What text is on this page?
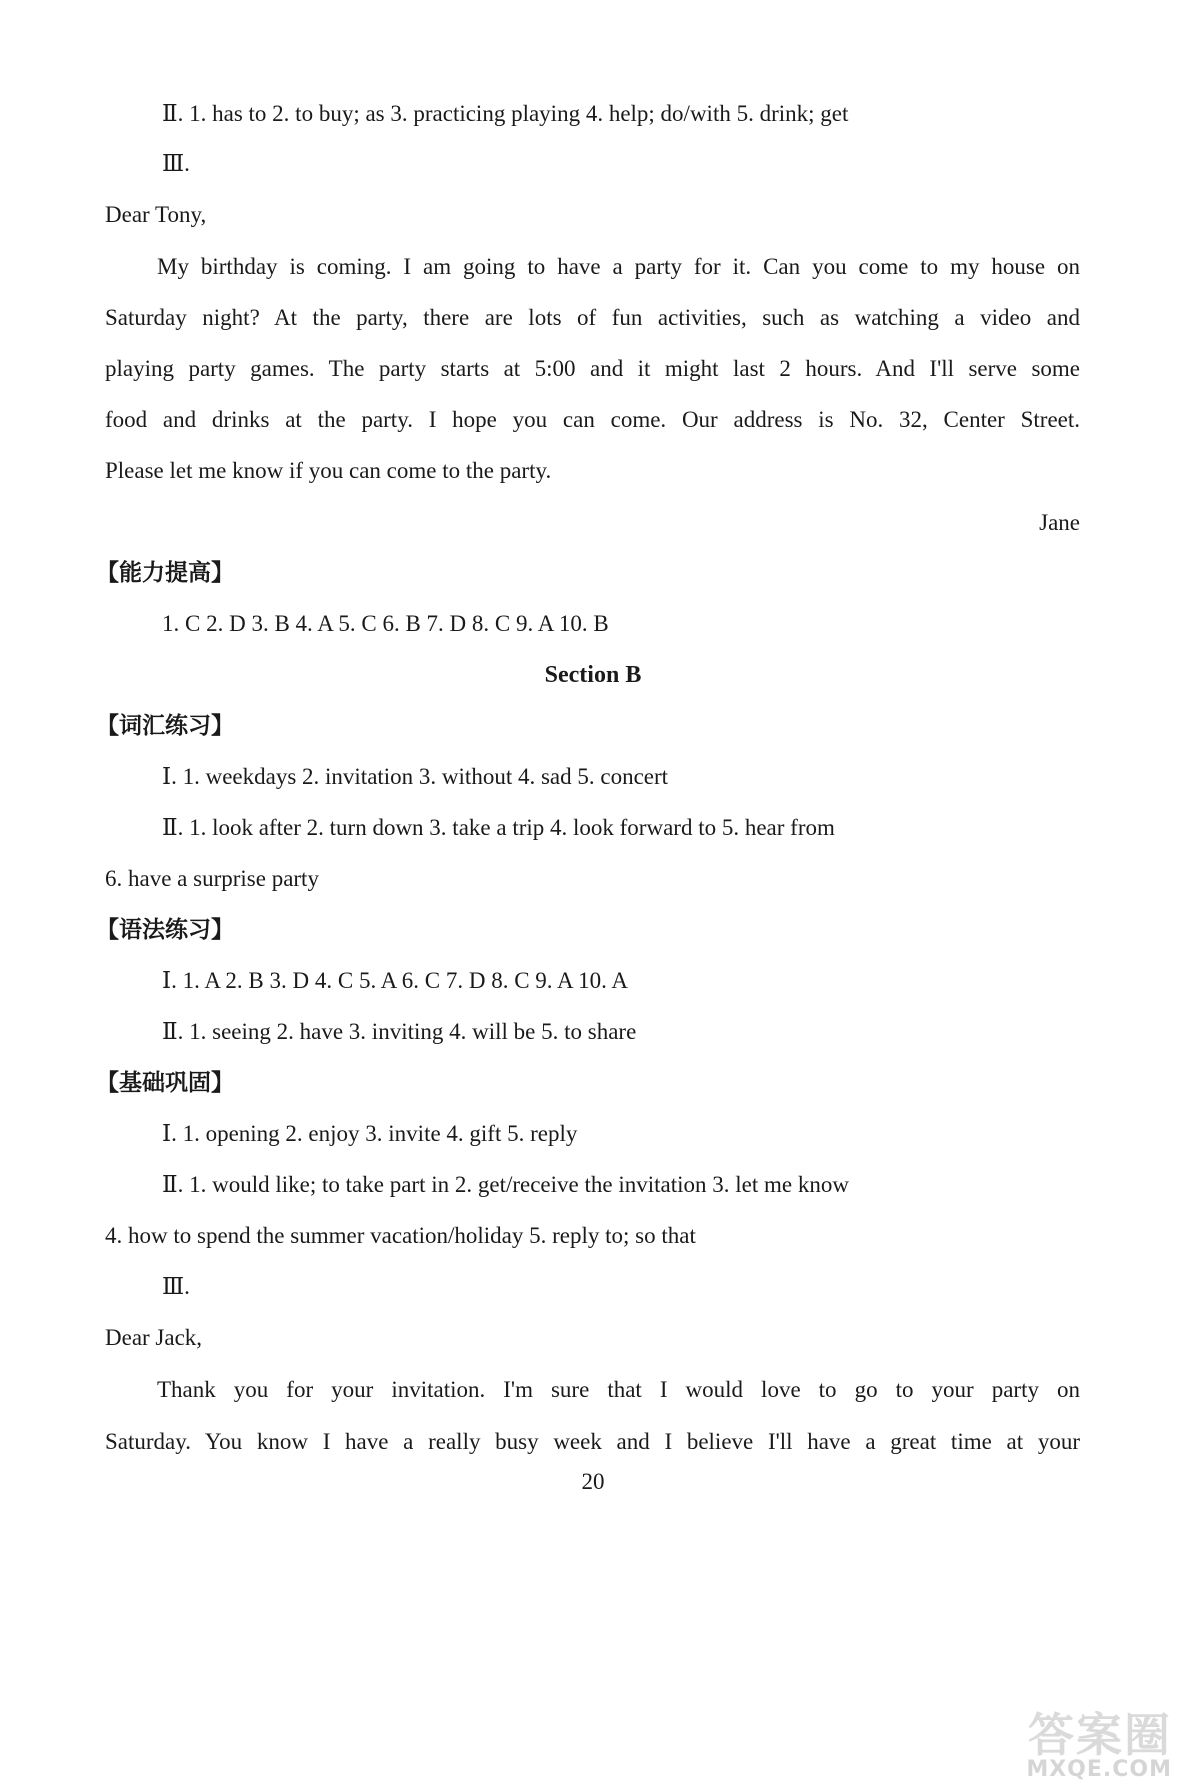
Ⅱ. 1. has to 2. to buy; as 3. practicing playing 4. help; do/with 5. drink; get
Ⅲ.
Dear Tony,
My birthday is coming. I am going to have a party for it. Can you come to my house on
Saturday night? At the party, there are lots of fun activities, such as watching a video and
playing party games. The party starts at 5:00 and it might last 2 hours. And I'll serve some
food and drinks at the party. I hope you can come. Our address is No. 32, Center Street.
Please let me know if you can come to the party.
Jane
【能力提高】
1. C 2. D 3. B 4. A 5. C 6. B 7. D 8. C 9. A 10. B
Section B
【词汇练习】
Ⅰ. 1. weekdays 2. invitation 3. without 4. sad 5. concert
Ⅱ. 1. look after 2. turn down 3. take a trip 4. look forward to 5. hear from
6. have a surprise party
【语法练习】
Ⅰ. 1. A 2. B 3. D 4. C 5. A 6. C 7. D 8. C 9. A 10. A
Ⅱ. 1. seeing 2. have 3. inviting 4. will be 5. to share
【基础巩固】
Ⅰ. 1. opening 2. enjoy 3. invite 4. gift 5. reply
Ⅱ. 1. would like; to take part in 2. get/receive the invitation 3. let me know
4. how to spend the summer vacation/holiday 5. reply to; so that
Ⅲ.
Dear Jack,
Thank you for your invitation. I'm sure that I would love to go to your party on
Saturday. You know I have a really busy week and I believe I'll have a great time at your
20
答案圈
MXQE.COM
